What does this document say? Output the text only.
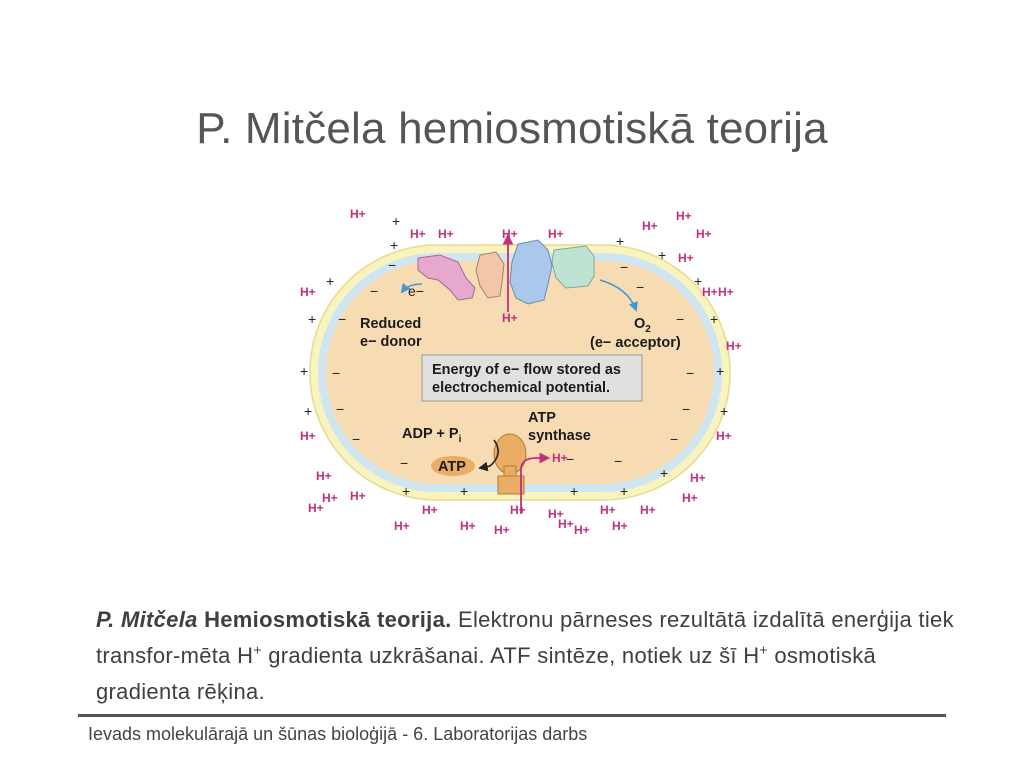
P. Mitčela hemiosmotiskā teorija
e−
Reduced
e− donor
$O_2$
(e− acceptor)
Energy of e− flow stored as
electrochemical potential.
ADP + $P_i$
ATP
ATP
synthase
+
+
+
+
+
+
+	+
+	+
+	+
+
+	+	+	+
−
−	−
−
−	−
−	−
−	−
−	−
−	−
−
H+
H+ H+	H+	H+
H+
H+
H+
H+
H+	H+ H+
H+
H+	H+
H+	H+
H+	H+
H+
H+	H+	H+ H+	H+ H+
H+	H+ H+	H+ H+ H+
H+
H+
P. Mitčela Hemiosmotiskā teorija. Elektronu pārneses rezultātā izdalītā enerģija tiek transfor-mēta H+ gradienta uzkrāšanai. ATF sintēze, notiek uz šī H+ osmotiskā gradienta rēķina.
Ievads molekulārajā un šūnas bioloģijā - 6. Laboratorijas darbs
